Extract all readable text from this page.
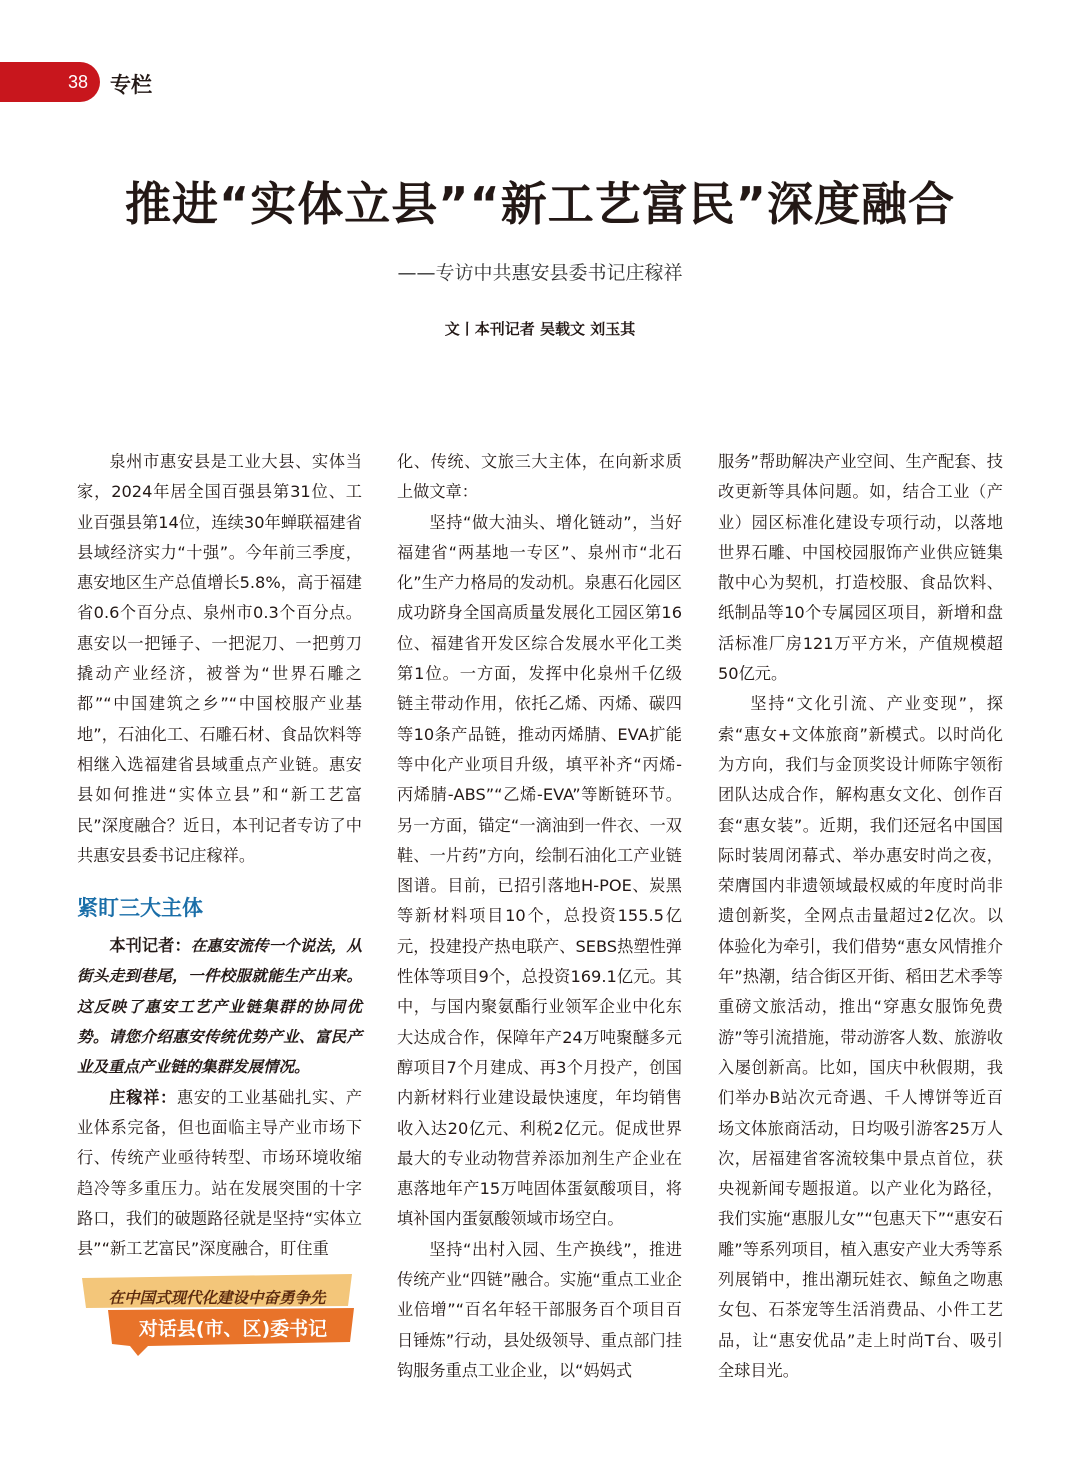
38 专栏
推进“实体立县”“新工艺富民”深度融合
——专访中共惠安县委书记庄稼祥
文丨本刊记者 吴载文 刘玉其

泉州市惠安县是工业大县、实体当家，2024年居全国百强县第31位、工业百强县第14位，连续30年蝉联福建省县域经济实力“十强”。今年前三季度，惠安地区生产总值增长5.8%，高于福建省0.6个百分点、泉州市0.3个百分点。惠安以一把锤子、一把泥刀、一把剪刀撬动产业经济，被誉为“世界石雕之都”“中国建筑之乡”“中国校服产业基地”，石油化工、石雕石材、食品饮料等相继入选福建省县域重点产业链。惠安县如何推进“实体立县”和“新工艺富民”深度融合？近日，本刊记者专访了中共惠安县委书记庄稼祥。

紧盯三大主体

本刊记者：在惠安流传一个说法，从街头走到巷尾，一件校服就能生产出来。这反映了惠安工艺产业链集群的协同优势。请您介绍惠安传统优势产业、富民产业及重点产业链的集群发展情况。

庄稼祥：惠安的工业基础扎实、产业体系完备，但也面临主导产业市场下行、传统产业亟待转型、市场环境收缩趋冷等多重压力。站在发展突围的十字路口，我们的破题路径就是坚持“实体立县”“新工艺富民”深度融合，盯住重

化、传统、文旅三大主体，在向新求质上做文章：

坚持“做大油头、增化链动”，当好福建省“两基地一专区”、泉州市“北石化”生产力格局的发动机。泉惠石化园区成功跻身全国高质量发展化工园区第16位、福建省开发区综合发展水平化工类第1位。一方面，发挥中化泉州千亿级链主带动作用，依托乙烯、丙烯、碳四等10条产品链，推动丙烯腈、EVA扩能等中化产业项目升级，填平补齐“丙烯-丙烯腈-ABS”“乙烯-EVA”等断链环节。另一方面，锚定“一滴油到一件衣、一双鞋、一片药”方向，绘制石油化工产业链图谱。目前，已招引落地H-POE、炭黑等新材料项目10个，总投资155.5亿元，投建投产热电联产、SEBS热塑性弹性体等项目9个，总投资169.1亿元。其中，与国内聚氨酯行业领军企业中化东大达成合作，保障年产24万吨聚醚多元醇项目7个月建成、再3个月投产，创国内新材料行业建设最快速度，年均销售收入达20亿元、利税2亿元。促成世界最大的专业动物营养添加剂生产企业在惠落地年产15万吨固体蛋氨酸项目，将填补国内蛋氨酸领域市场空白。

坚持“出村入园、生产换线”，推进传统产业“四链”融合。实施“重点工业企业倍增”“百名年轻干部服务百个项目百日锤炼”行动，县处级领导、重点部门挂钩服务重点工业企业，以“妈妈式

服务”帮助解决产业空间、生产配套、技改更新等具体问题。如，结合工业（产业）园区标准化建设专项行动，以落地世界石雕、中国校园服饰产业供应链集散中心为契机，打造校服、食品饮料、纸制品等10个专属园区项目，新增和盘活标准厂房121万平方米，产值规模超50亿元。

坚持“文化引流、产业变现”，探索“惠女+文体旅商”新模式。以时尚化为方向，我们与金顶奖设计师陈宇领衔团队达成合作，解构惠女文化、创作百套“惠女装”。近期，我们还冠名中国国际时装周闭幕式、举办惠安时尚之夜，荣膺国内非遗领域最权威的年度时尚非遗创新奖，全网点击量超过2亿次。以体验化为牵引，我们借势“惠女风情推介年”热潮，结合街区开街、稻田艺术季等重磅文旅活动，推出“穿惠女服饰免费游”等引流措施，带动游客人数、旅游收入屡创新高。比如，国庆中秋假期，我们举办B站次元奇遇、千人博饼等近百场文体旅商活动，日均吸引游客25万人次，居福建省客流较集中景点首位，获央视新闻专题报道。以产业化为路径，我们实施“惠服儿女”“包惠天下”“惠安石雕”等系列项目，植入惠安产业大秀等系列展销中，推出潮玩娃衣、鲸鱼之吻惠女包、石茶宠等生活消费品、小件工艺品，让“惠安优品”走上时尚T台、吸引全球目光。

在中国式现代化建设中奋勇争先
对话县(市、区)委书记
